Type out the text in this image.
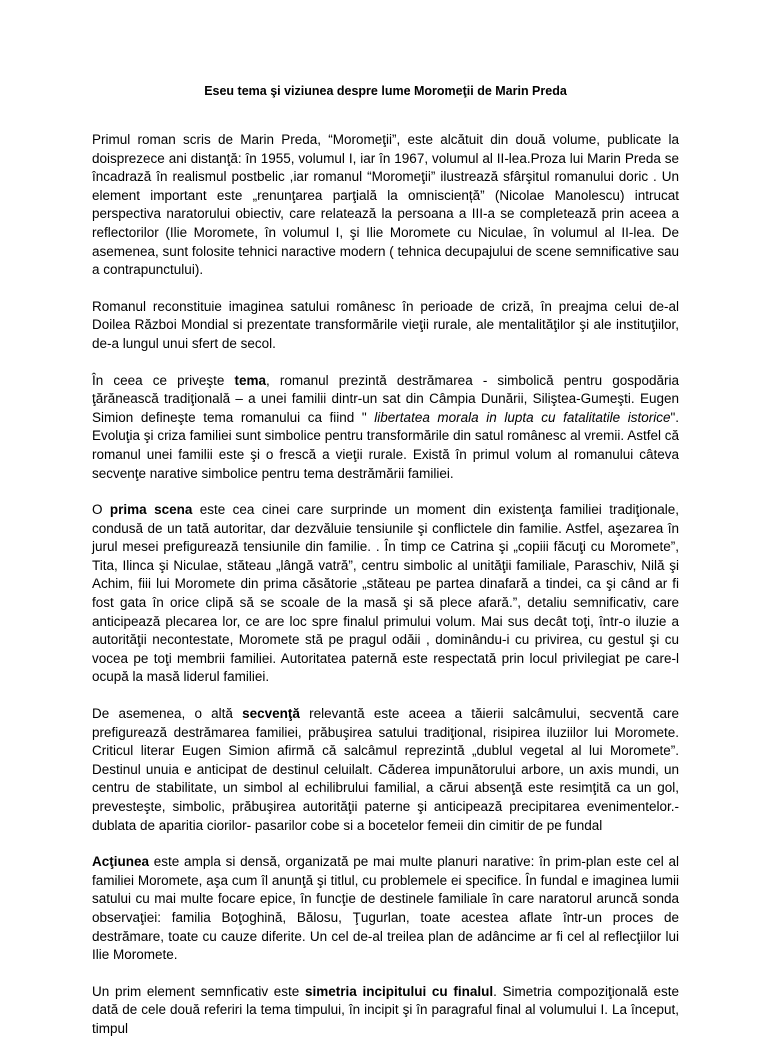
Eseu tema şi viziunea despre lume Moromeţii de Marin Preda

Primul roman scris de Marin Preda, “Moromeţii”, este alcătuit din două volume, publicate la doisprezece ani distanţă: în 1955, volumul I, iar în 1967, volumul al II-lea.Proza lui Marin Preda se încadrază în realismul postbelic ,iar romanul “Moromeţii” ilustrează sfârşitul romanului doric . Un element important este „renunţarea parţială la omnisciență” (Nicolae Manolescu) intrucat perspectiva naratorului obiectiv, care relatează la persoana a III-a se completează prin aceea a reflectorilor (Ilie Moromete, în volumul I, şi Ilie Moromete cu Niculae, în volumul al II-lea. De asemenea, sunt folosite tehnici naractive modern ( tehnica decupajului de scene semnificative sau a contrapunctului).

Romanul reconstituie imaginea satului românesc în perioade de criză, în preajma celui de-al Doilea Război Mondial si prezentate transformările vieţii rurale, ale mentalităţilor şi ale instituţiilor, de-a lungul unui sfert de secol.

În ceea ce priveşte tema, romanul prezintă destrămarea - simbolică pentru gospodăria ţărănească tradiţională – a unei familii dintr-un sat din Câmpia Dunării, Siliştea-Gumeşti. Eugen Simion defineşte tema romanului ca fiind " libertatea morala in lupta cu fatalitatile istorice". Evoluţia şi criza familiei sunt simbolice pentru transformările din satul românesc al vremii. Astfel că romanul unei familii este şi o frescă a vieţii rurale. Există în primul volum al romanului câteva secvenţe narative simbolice pentru tema destrămării familiei.

O prima scena este cea cinei care surprinde un moment din existenţa familiei tradiţionale, condusă de un tată autoritar, dar dezvăluie tensiunile şi conflictele din familie. Astfel, aşezarea în jurul mesei prefigurează tensiunile din familie. . În timp ce Catrina şi „copiii făcuţi cu Moromete”, Tita, Ilinca şi Niculae, stăteau „lângă vatră”, centru simbolic al unităţii familiale, Paraschiv, Nilă şi Achim, fiii lui Moromete din prima căsătorie „stăteau pe partea dinafară a tindei, ca şi când ar fi fost gata în orice clipă să se scoale de la masă şi să plece afară.”, detaliu semnificativ, care anticipează plecarea lor, ce are loc spre finalul primului volum. Mai sus decât toţi, într-o iluzie a autorităţii necontestate, Moromete stă pe pragul odăii , dominându-i cu privirea, cu gestul şi cu vocea pe toţi membrii familiei. Autoritatea paternă este respectată prin locul privilegiat pe care-l ocupă la masă liderul familiei.

De asemenea, o altă secvenţă relevantă este aceea a tăierii salcâmului, secventă care prefigurează destrămarea familiei, prăbuşirea satului tradiţional, risipirea iluziilor lui Moromete. Criticul literar Eugen Simion afirmă că salcâmul reprezintă „dublul vegetal al lui Moromete”. Destinul unuia e anticipat de destinul celuilalt. Căderea impunătorului arbore, un axis mundi, un centru de stabilitate, un simbol al echilibrului familial, a cărui absenţă este resimţită ca un gol, prevesteşte, simbolic, prăbuşirea autorităţii paterne şi anticipează precipitarea evenimentelor.-dublata de aparitia ciorilor- pasarilor cobe si a bocetelor femeii din cimitir de pe fundal

Acţiunea este ampla si densă, organizată pe mai multe planuri narative: în prim-plan este cel al familiei Moromete, aşa cum îl anunţă şi titlul, cu problemele ei specifice. În fundal e imaginea lumii satului cu mai multe focare epice, în funcţie de destinele familiale în care naratorul aruncă sonda observaţiei: familia Boţoghină, Bălosu, Ţugurlan, toate acestea aflate într-un proces de destrămare, toate cu cauze diferite. Un cel de-al treilea plan de adâncime ar fi cel al reflecţiilor lui Ilie Moromete.

Un prim element semnficativ este simetria incipitului cu finalul. Simetria compoziţională este dată de cele două referiri la tema timpului, în incipit şi în paragraful final al volumului I. La început, timpul
